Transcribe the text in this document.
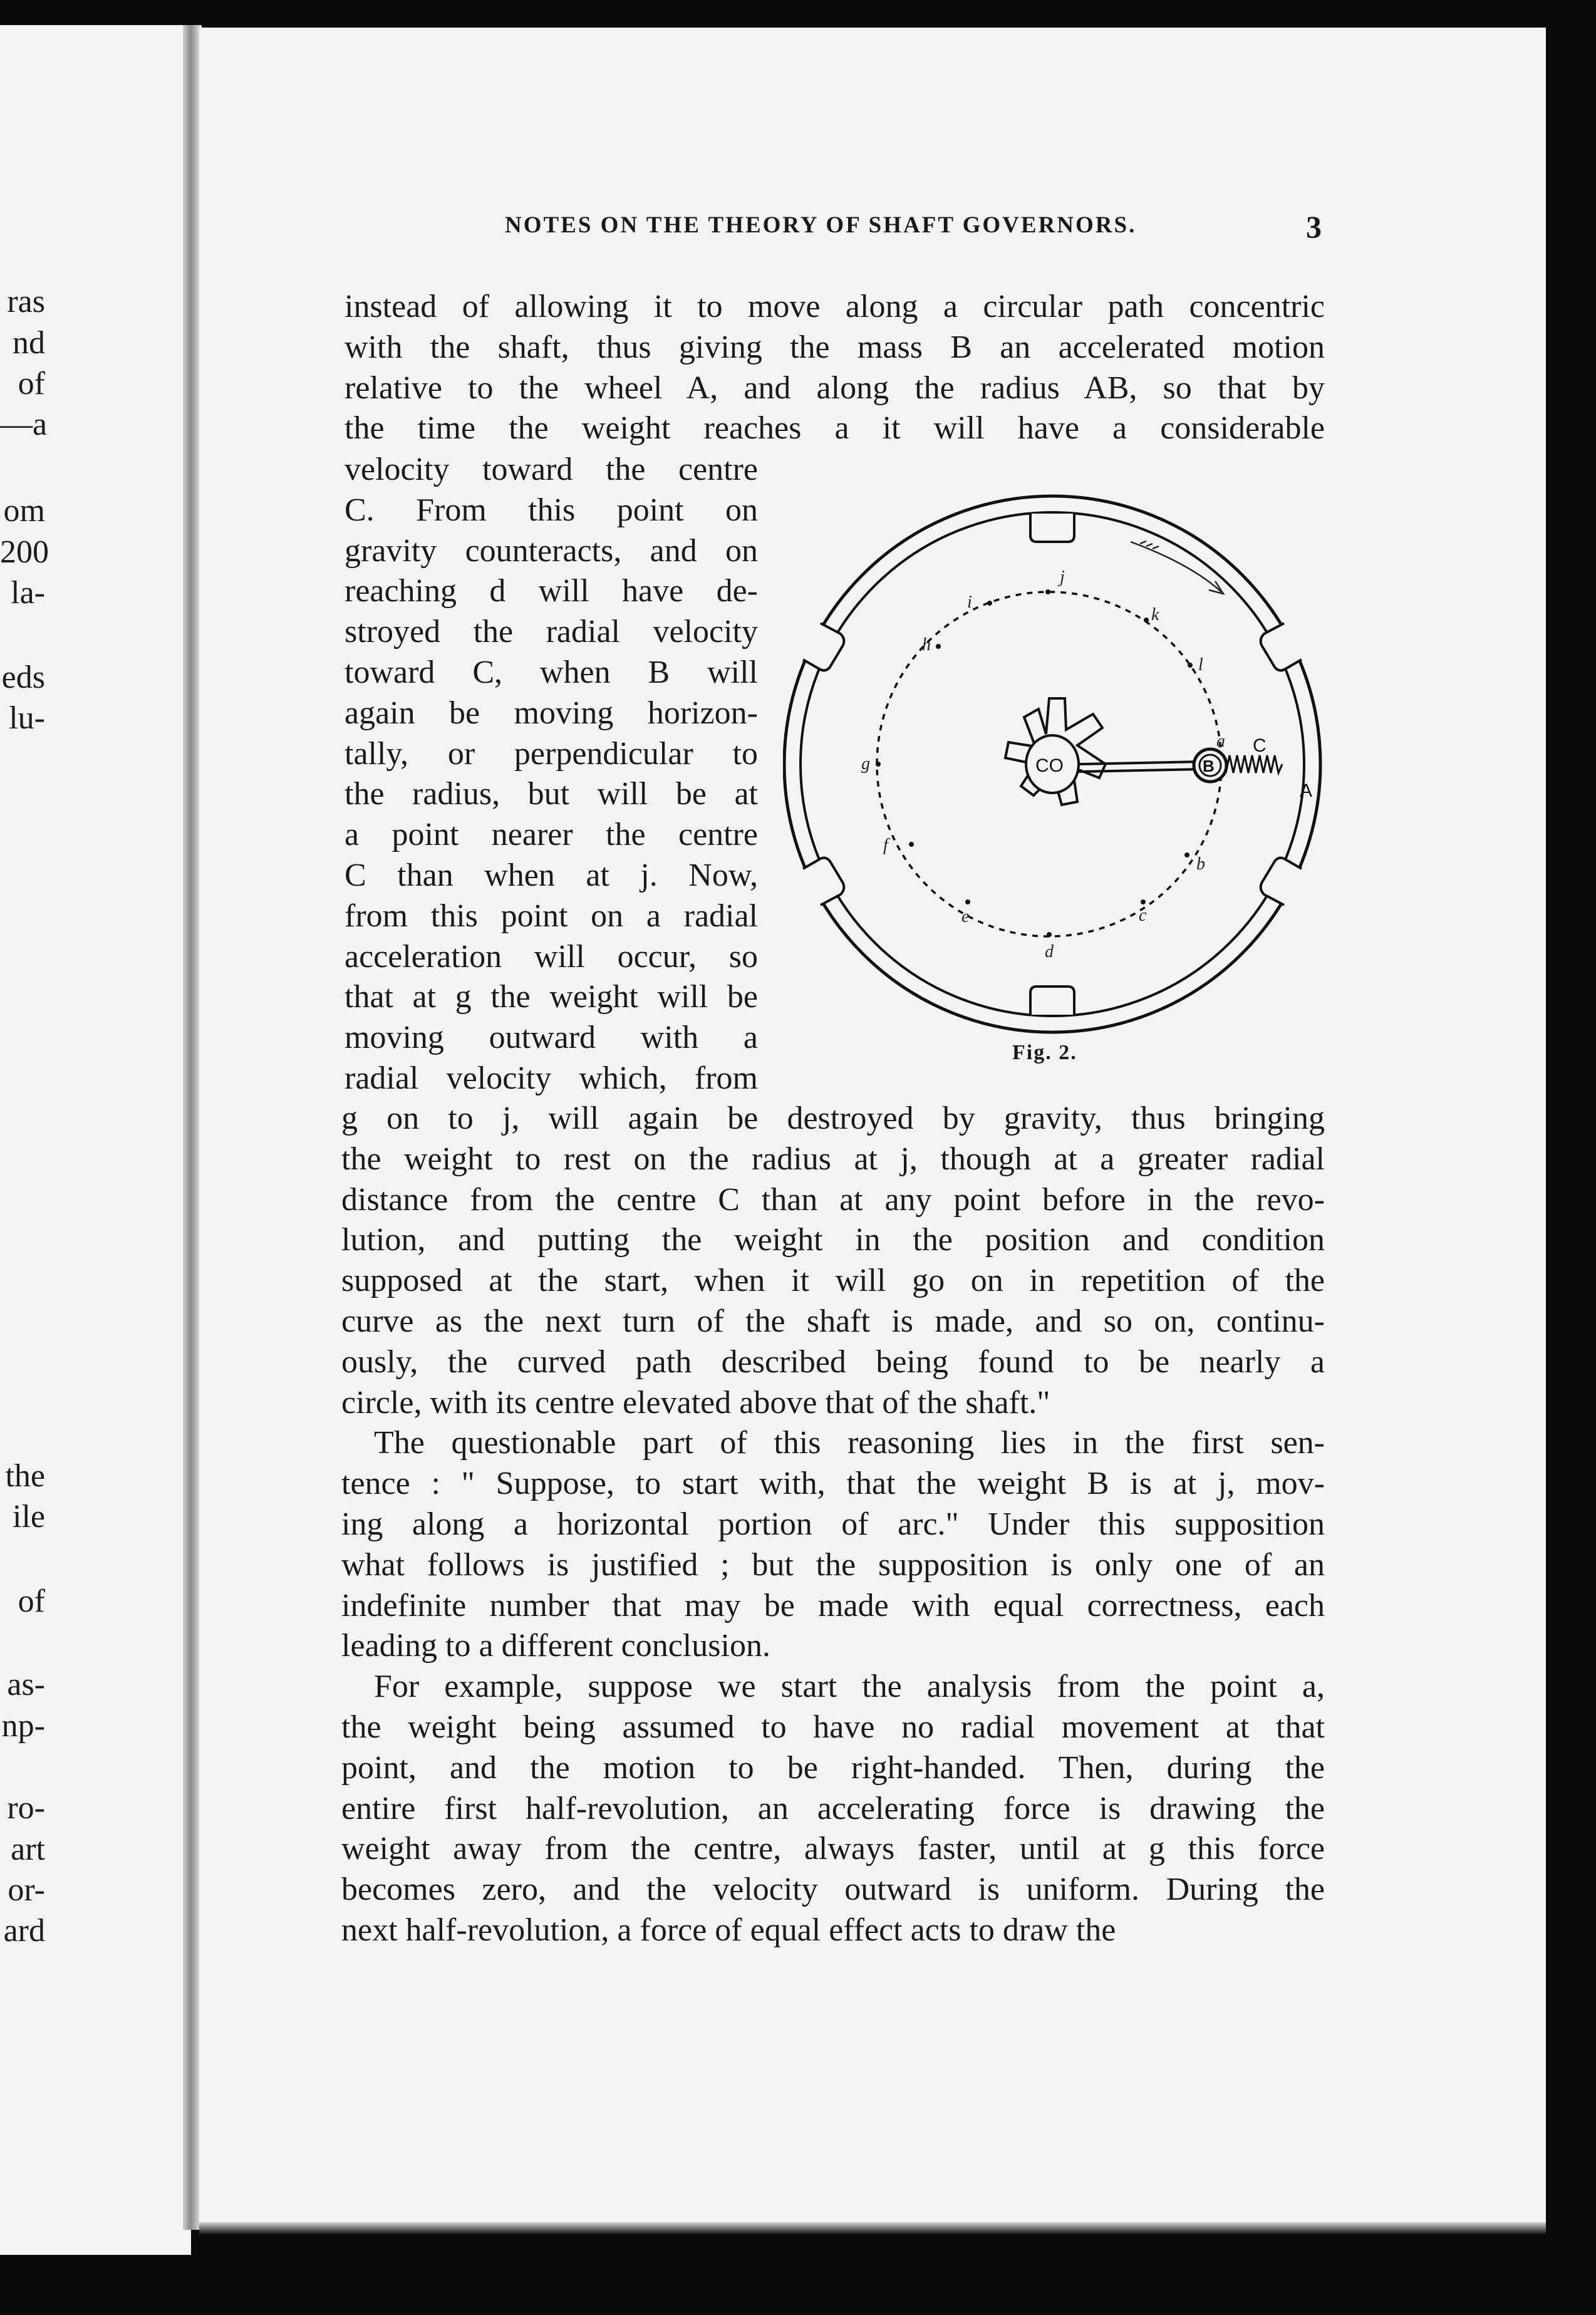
ras
nd
of
—a
om
200
la-
eds
lu-
the
ile
of
as-
np-
ro-
art
or-
ard
NOTES ON THE THEORY OF SHAFT GOVERNORS.	3
instead of allowing it to move along a circular path concentric
with the shaft, thus giving the mass B an accelerated motion
relative to the wheel A, and along the radius AB, so that by
the time the weight reaches a it will have a considerable
velocity toward the centre
C. From this point on
gravity counteracts, and on
reaching d will have de-
stroyed the radial velocity
toward C, when B will
again be moving horizon-
tally, or perpendicular to
the radius, but will be at
a point nearer the centre
C than when at j. Now,
from this point on a radial
acceleration will occur, so
that at g the weight will be
moving outward with a
radial velocity which, from
CO	B
C
A
a
b
c
d
e
f
g
h
i
j
k
l
Fig. 2.
g on to j, will again be destroyed by gravity, thus bringing
the weight to rest on the radius at j, though at a greater radial
distance from the centre C than at any point before in the revo-
lution, and putting the weight in the position and condition
supposed at the start, when it will go on in repetition of the
curve as the next turn of the shaft is made, and so on, continu-
ously, the curved path described being found to be nearly a
circle, with its centre elevated above that of the shaft."
The questionable part of this reasoning lies in the first sen-
tence : " Suppose, to start with, that the weight B is at j, mov-
ing along a horizontal portion of arc." Under this supposition
what follows is justified ; but the supposition is only one of an
indefinite number that may be made with equal correctness, each
leading to a different conclusion.
For example, suppose we start the analysis from the point a,
the weight being assumed to have no radial movement at that
point, and the motion to be right-handed. Then, during the
entire first half-revolution, an accelerating force is drawing the
weight away from the centre, always faster, until at g this force
becomes zero, and the velocity outward is uniform. During the
next half-revolution, a force of equal effect acts to draw the
